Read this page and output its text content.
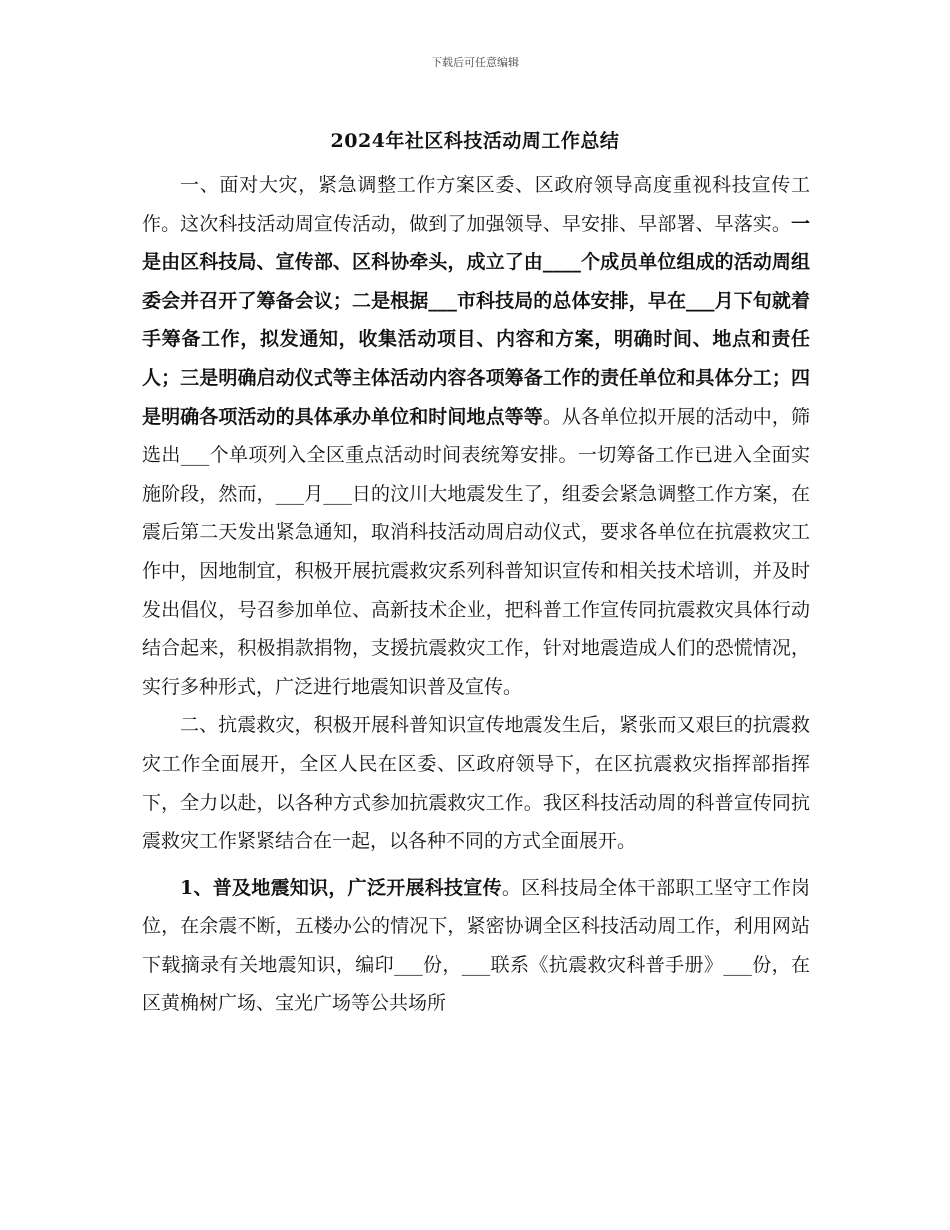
下载后可任意编辑
2024年社区科技活动周工作总结

一、面对大灾，紧急调整工作方案区委、区政府领导高度重视科技宣传工作。这次科技活动周宣传活动，做到了加强领导、早安排、早部署、早落实。一是由区科技局、宣传部、区科协牵头，成立了由____个成员单位组成的活动周组委会并召开了筹备会议；二是根据___市科技局的总体安排，早在___月下旬就着手筹备工作，拟发通知，收集活动项目、内容和方案，明确时间、地点和责任人；三是明确启动仪式等主体活动内容各项筹备工作的责任单位和具体分工；四是明确各项活动的具体承办单位和时间地点等等。从各单位拟开展的活动中，筛选出___个单项列入全区重点活动时间表统筹安排。一切筹备工作已进入全面实施阶段，然而，___月___日的汶川大地震发生了，组委会紧急调整工作方案，在震后第二天发出紧急通知，取消科技活动周启动仪式，要求各单位在抗震救灾工作中，因地制宜，积极开展抗震救灾系列科普知识宣传和相关技术培训，并及时发出倡仪，号召参加单位、高新技术企业，把科普工作宣传同抗震救灾具体行动结合起来，积极捐款捐物，支援抗震救灾工作，针对地震造成人们的恐慌情况，实行多种形式，广泛进行地震知识普及宣传。

二、抗震救灾，积极开展科普知识宣传地震发生后，紧张而又艰巨的抗震救灾工作全面展开，全区人民在区委、区政府领导下，在区抗震救灾指挥部指挥下，全力以赴，以各种方式参加抗震救灾工作。我区科技活动周的科普宣传同抗震救灾工作紧紧结合在一起，以各种不同的方式全面展开。

1、普及地震知识，广泛开展科技宣传。区科技局全体干部职工坚守工作岗位，在余震不断，五楼办公的情况下，紧密协调全区科技活动周工作，利用网站下载摘录有关地震知识，编印___份，___联系《抗震救灾科普手册》___份，在区黄桷树广场、宝光广场等公共场所
